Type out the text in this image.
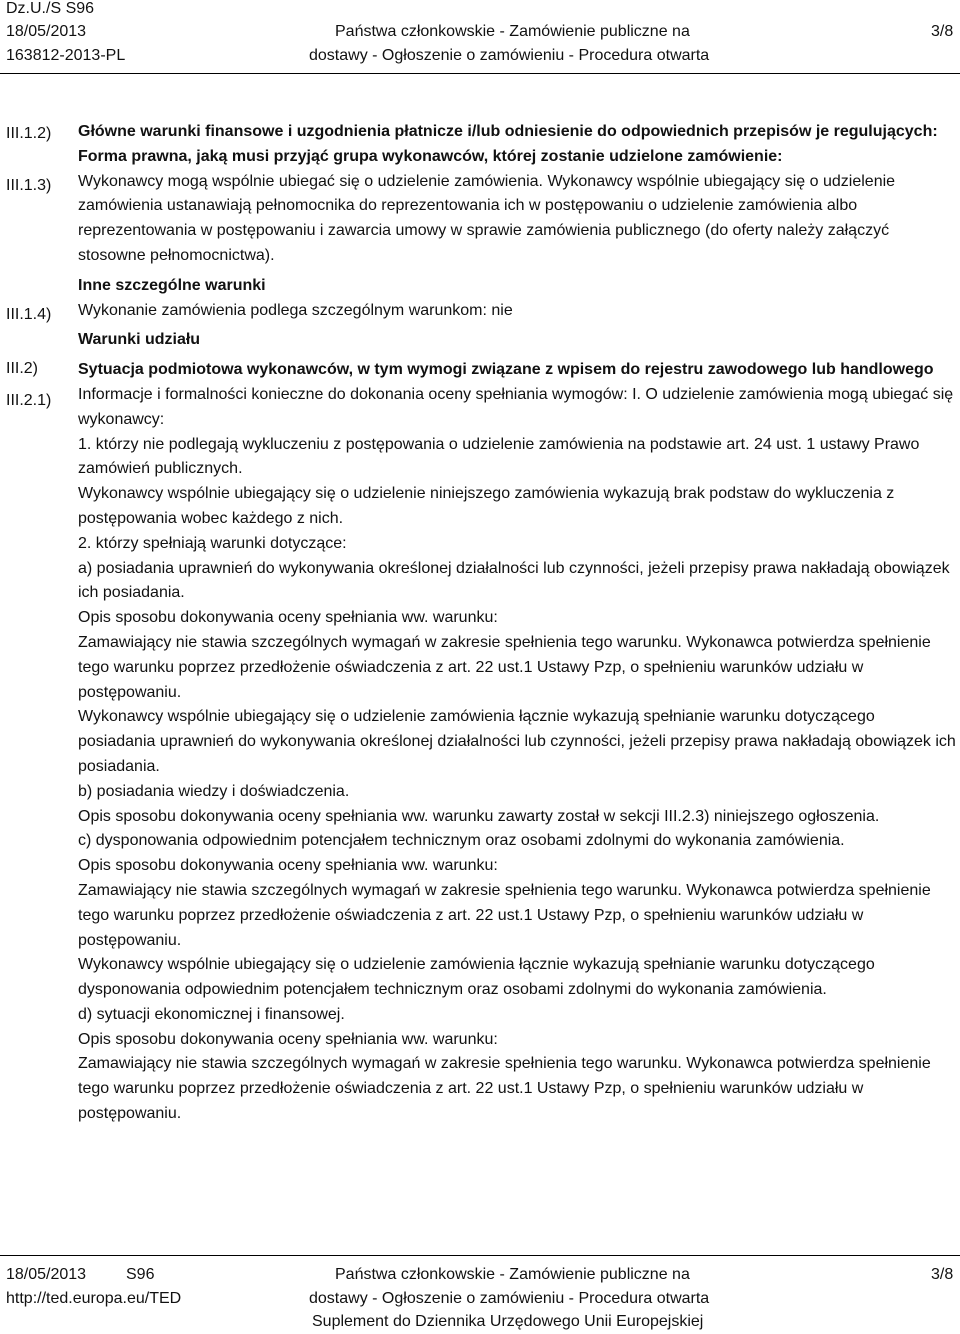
Dz.U./S S96
18/05/2013
163812-2013-PL
Państwa członkowskie - Zamówienie publiczne na
dostawy - Ogłoszenie o zamówieniu - Procedura otwarta
3/8
III.1.2)
III.1.3)
III.1.4)
III.2)
III.2.1)

Główne warunki finansowe i uzgodnienia płatnicze i/lub odniesienie do odpowiednich przepisów je regulujących:

Forma prawna, jaką musi przyjąć grupa wykonawców, której zostanie udzielone zamówienie:

Wykonawcy mogą wspólnie ubiegać się o udzielenie zamówienia. Wykonawcy wspólnie ubiegający się o udzielenie zamówienia ustanawiają pełnomocnika do reprezentowania ich w postępowaniu o udzielenie zamówienia albo reprezentowania w postępowaniu i zawarcia umowy w sprawie zamówienia publicznego (do oferty należy załączyć stosowne pełnomocnictwa).

Inne szczególne warunki

Wykonanie zamówienia podlega szczególnym warunkom: nie

Warunki udziału

Sytuacja podmiotowa wykonawców, w tym wymogi związane z wpisem do rejestru zawodowego lub handlowego

Informacje i formalności konieczne do dokonania oceny spełniania wymogów: I. O udzielenie zamówienia mogą ubiegać się wykonawcy:

1. którzy nie podlegają wykluczeniu z postępowania o udzielenie zamówienia na podstawie art. 24 ust. 1 ustawy Prawo zamówień publicznych.

Wykonawcy wspólnie ubiegający się o udzielenie niniejszego zamówienia wykazują brak podstaw do wykluczenia z postępowania wobec każdego z nich.

2. którzy spełniają warunki dotyczące:

a) posiadania uprawnień do wykonywania określonej działalności lub czynności, jeżeli przepisy prawa nakładają obowiązek ich posiadania.

Opis sposobu dokonywania oceny spełniania ww. warunku:

Zamawiający nie stawia szczególnych wymagań w zakresie spełnienia tego warunku. Wykonawca potwierdza spełnienie tego warunku poprzez przedłożenie oświadczenia z art. 22 ust.1 Ustawy Pzp, o spełnieniu warunków udziału w postępowaniu.

Wykonawcy wspólnie ubiegający się o udzielenie zamówienia łącznie wykazują spełnianie warunku dotyczącego posiadania uprawnień do wykonywania określonej działalności lub czynności, jeżeli przepisy prawa nakładają obowiązek ich posiadania.

b) posiadania wiedzy i doświadczenia.

Opis sposobu dokonywania oceny spełniania ww. warunku zawarty został w sekcji III.2.3) niniejszego ogłoszenia.

c) dysponowania odpowiednim potencjałem technicznym oraz osobami zdolnymi do wykonania zamówienia.

Opis sposobu dokonywania oceny spełniania ww. warunku:

Zamawiający nie stawia szczególnych wymagań w zakresie spełnienia tego warunku. Wykonawca potwierdza spełnienie tego warunku poprzez przedłożenie oświadczenia z art. 22 ust.1 Ustawy Pzp, o spełnieniu warunków udziału w postępowaniu.

Wykonawcy wspólnie ubiegający się o udzielenie zamówienia łącznie wykazują spełnianie warunku dotyczącego dysponowania odpowiednim potencjałem technicznym oraz osobami zdolnymi do wykonania zamówienia.

d) sytuacji ekonomicznej i finansowej.

Opis sposobu dokonywania oceny spełniania ww. warunku:

Zamawiający nie stawia szczególnych wymagań w zakresie spełnienia tego warunku. Wykonawca potwierdza spełnienie tego warunku poprzez przedłożenie oświadczenia z art. 22 ust.1 Ustawy Pzp, o spełnieniu warunków udziału w postępowaniu.

18/05/2013 S96
http://ted.europa.eu/TED
Państwa członkowskie - Zamówienie publiczne na
dostawy - Ogłoszenie o zamówieniu - Procedura otwarta
Suplement do Dziennika Urzędowego Unii Europejskiej
3/8
